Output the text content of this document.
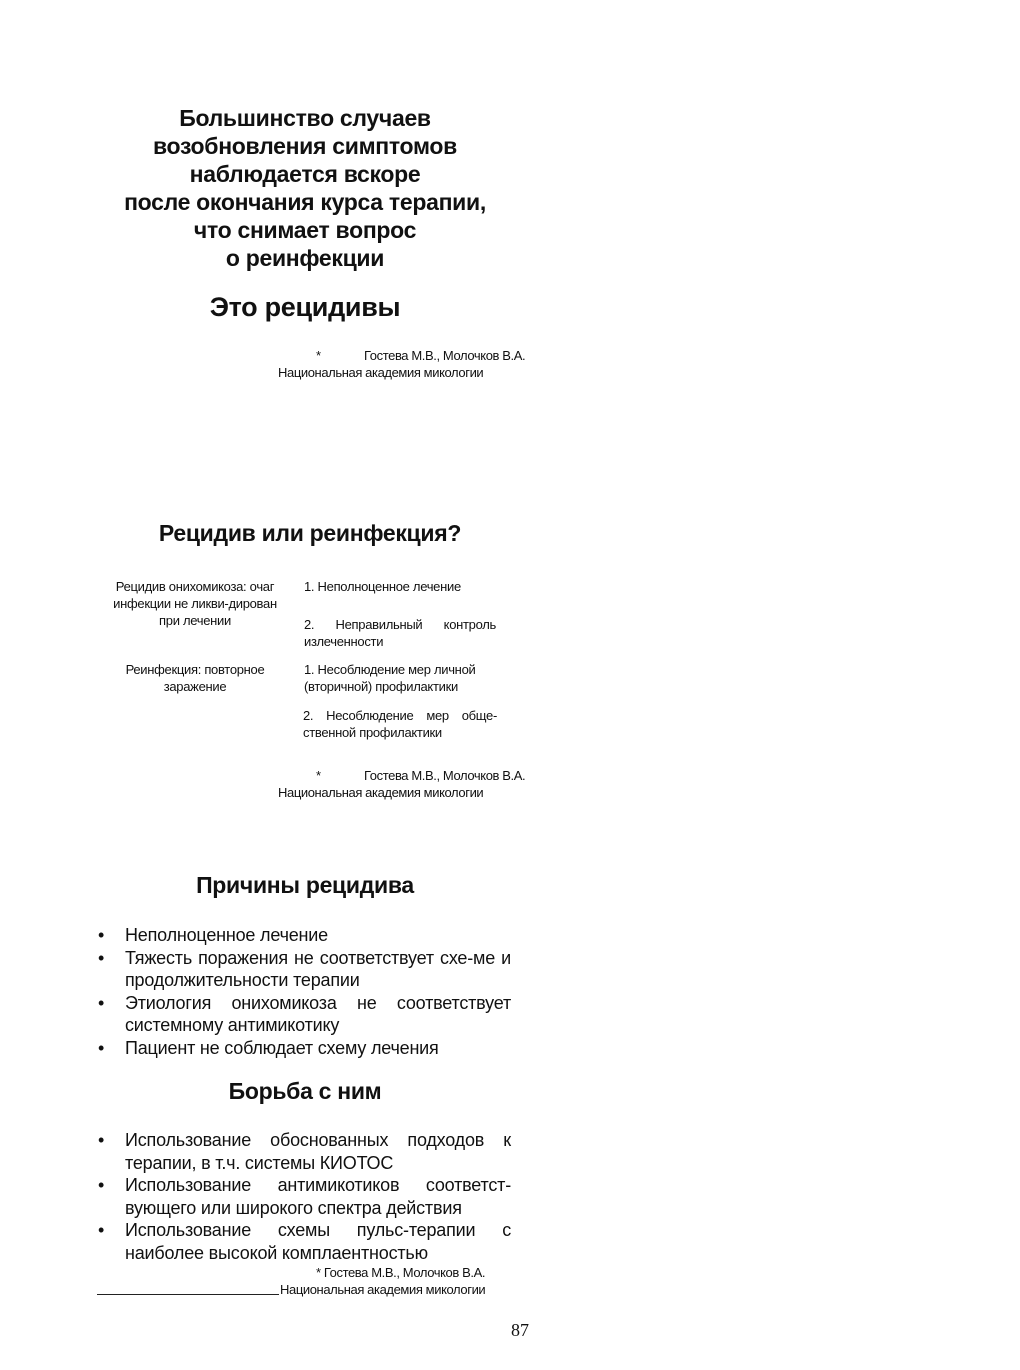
Большинство случаев
возобновления симптомов
наблюдается вскоре
после окончания курса терапии,
что снимает вопрос
о реинфекции
Это рецидивы
*	Гостева М.В., Молочков В.А.
Национальная академия микологии
Рецидив или реинфекция?
Рецидив онихомикоза: очаг инфекции не ликви-дирован при лечении
1. Неполноценное лечение
2. Неправильный контроль излеченности
Реинфекция: повторное заражение
1. Несоблюдение мер личной (вторичной) профилактики
2. Несоблюдение мер обще-ственной профилактики
*	Гостева М.В., Молочков В.А.
Национальная академия микологии
Причины рецидива
• Неполноценное лечение
• Тяжесть поражения не соответствует схе-ме и продолжительности терапии
• Этиология онихомикоза не соответствует системному антимикотику
• Пациент не соблюдает схему лечения
Борьба с ним
• Использование обоснованных подходов к терапии, в т.ч. системы КИОТОС
• Использование антимикотиков соответст-вующего или широкого спектра действия
• Использование схемы пульс-терапии с наиболее высокой комплаентностью
* Гостева М.В., Молочков В.А.
Национальная академия микологии
87
